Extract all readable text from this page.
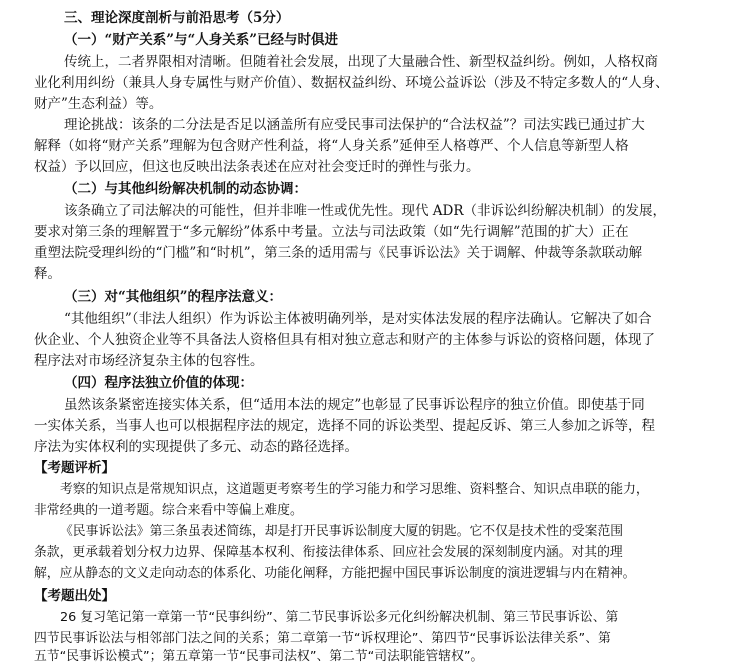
三、理论深度剖析与前沿思考（5分）
（一）“财产关系”与“人身关系”已经与时俱进
传统上，二者界限相对清晰。但随着社会发展，出现了大量融合性、新型权益纠纷。例如，人格权商
业化利用纠纷（兼具人身专属性与财产价值）、数据权益纠纷、环境公益诉讼（涉及不特定多数人的“人身、
财产”生态利益）等。
理论挑战：该条的二分法是否足以涵盖所有应受民事司法保护的“合法权益”？司法实践已通过扩大
解释（如将“财产关系”理解为包含财产性利益，将“人身关系”延伸至人格尊严、个人信息等新型人格
权益）予以回应，但这也反映出法条表述在应对社会变迁时的弹性与张力。
（二）与其他纠纷解决机制的动态协调：
该条确立了司法解决的可能性，但并非唯一性或优先性。现代 ADR（非诉讼纠纷解决机制）的发展，
要求对第三条的理解置于“多元解纷”体系中考量。立法与司法政策（如“先行调解”范围的扩大）正在
重塑法院受理纠纷的“门槛”和“时机”，第三条的适用需与《民事诉讼法》关于调解、仲裁等条款联动解
释。
（三）对“其他组织”的程序法意义：
“其他组织”（非法人组织）作为诉讼主体被明确列举，是对实体法发展的程序法确认。它解决了如合
伙企业、个人独资企业等不具备法人资格但具有相对独立意志和财产的主体参与诉讼的资格问题，体现了
程序法对市场经济复杂主体的包容性。
（四）程序法独立价值的体现：
虽然该条紧密连接实体关系，但“适用本法的规定”也彰显了民事诉讼程序的独立价值。即使基于同
一实体关系，当事人也可以根据程序法的规定，选择不同的诉讼类型、提起反诉、第三人参加之诉等，程
序法为实体权利的实现提供了多元、动态的路径选择。
【考题评析】
考察的知识点是常规知识点，这道题更考察考生的学习能力和学习思维、资料整合、知识点串联的能力，
非常经典的一道考题。综合来看中等偏上难度。
《民事诉讼法》第三条虽表述简练，却是打开民事诉讼制度大厦的钥匙。它不仅是技术性的受案范围
条款，更承载着划分权力边界、保障基本权利、衔接法律体系、回应社会发展的深刻制度内涵。对其的理
解，应从静态的文义走向动态的体系化、功能化阐释，方能把握中国民事诉讼制度的演进逻辑与内在精神。
【考题出处】
26 复习笔记第一章第一节“民事纠纷”、第二节民事诉讼多元化纠纷解决机制、第三节民事诉讼、第
四节民事诉讼法与相邻部门法之间的关系；第二章第一节“诉权理论”、第四节“民事诉讼法律关系”、第
五节“民事诉讼模式”；第五章第一节“民事司法权”、第二节“司法职能管辖权”。
